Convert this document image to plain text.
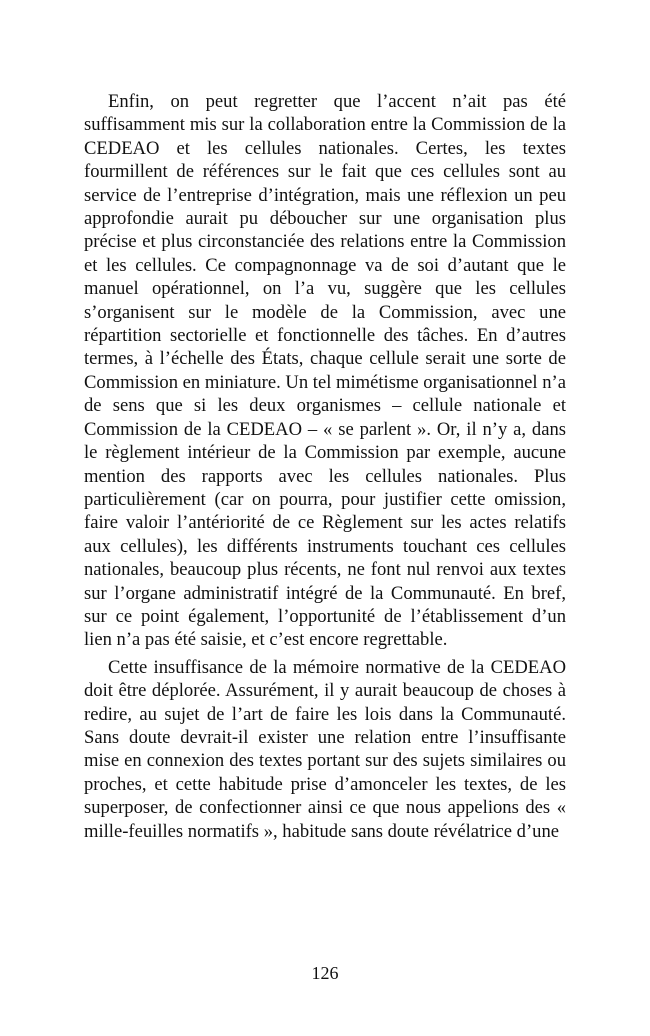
Enfin, on peut regretter que l’accent n’ait pas été suffisamment mis sur la collaboration entre la Commission de la CEDEAO et les cellules nationales. Certes, les textes fourmillent de références sur le fait que ces cellules sont au service de l’entreprise d’intégration, mais une réflexion un peu approfondie aurait pu déboucher sur une organisation plus précise et plus circonstanciée des relations entre la Commission et les cellules. Ce compagnonnage va de soi d’autant que le manuel opérationnel, on l’a vu, suggère que les cellules s’organisent sur le modèle de la Commission, avec une répartition sectorielle et fonctionnelle des tâches. En d’autres termes, à l’échelle des États, chaque cellule serait une sorte de Commission en miniature. Un tel mimétisme organisationnel n’a de sens que si les deux organismes – cellule nationale et Commission de la CEDEAO – « se parlent ». Or, il n’y a, dans le règlement intérieur de la Commission par exemple, aucune mention des rapports avec les cellules nationales. Plus particulièrement (car on pourra, pour justifier cette omission, faire valoir l’antériorité de ce Règlement sur les actes relatifs aux cellules), les différents instruments touchant ces cellules nationales, beaucoup plus récents, ne font nul renvoi aux textes sur l’organe administratif intégré de la Communauté. En bref, sur ce point également, l’opportunité de l’établissement d’un lien n’a pas été saisie, et c’est encore regrettable.

Cette insuffisance de la mémoire normative de la CEDEAO doit être déplorée. Assurément, il y aurait beaucoup de choses à redire, au sujet de l’art de faire les lois dans la Communauté. Sans doute devrait-il exister une relation entre l’insuffisante mise en connexion des textes portant sur des sujets similaires ou proches, et cette habitude prise d’amonceler les textes, de les superposer, de confectionner ainsi ce que nous appelions des « mille-feuilles normatifs », habitude sans doute révélatrice d’une

126
